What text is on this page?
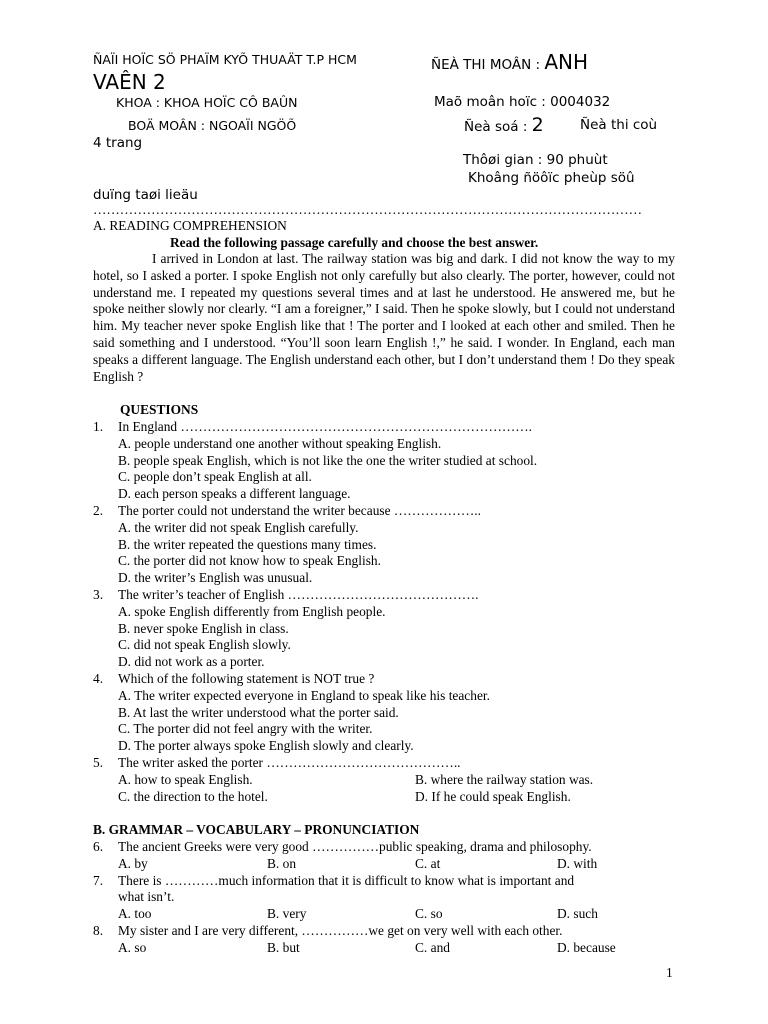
ÑAÏI HOÏC SÖ PHAÏM KYÕ THUAÄT T.P HCM	ÑEÀ THI MOÂN : ANH
VAÊN 2
KHOA : KHOA HOÏC CÔ BAÛN	Maõ moân hoïc : 0004032
BOÄ MOÂN : NGOAÏI NGÖÕ	Ñeà soá : 2	Ñeà thi coù
4 trang
Thôøi gian : 90 phuùt
Khoâng ñöôïc pheùp söû
duïng taøi lieäu
……………………………………………………………………………………………………………
A. READING COMPREHENSION
Read the following passage carefully and choose the best answer.
I arrived in London at last. The railway station was big and dark. I did not know the way to my hotel, so I asked a porter. I spoke English not only carefully but also clearly. The porter, however, could not understand me. I repeated my questions several times and at last he understood. He answered me, but he spoke neither slowly nor clearly. “I am a foreigner,” I said. Then he spoke slowly, but I could not understand him. My teacher never spoke English like that ! The porter and I looked at each other and smiled. Then he said something and I understood. “You’ll soon learn English !,” he said. I wonder. In England, each man speaks a different language. The English understand each other, but I don’t understand them ! Do they speak English ?
QUESTIONS
1. In England …………………………………………………………………….
A. people understand one another without speaking English.
B. people speak English, which is not like the one the writer studied at school.
C. people don’t speak English at all.
D. each person speaks a different language.
2. The porter could not understand the writer because ………………..
A. the writer did not speak English carefully.
B. the writer repeated the questions many times.
C. the porter did not know how to speak English.
D. the writer’s English was unusual.
3. The writer’s teacher of English …………………………………….
A. spoke English differently from English people.
B. never spoke English in class.
C. did not speak English slowly.
D. did not work as a porter.
4. Which of the following statement is NOT true ?
A. The writer expected everyone in England to speak like his teacher.
B. At last the writer understood what the porter said.
C. The porter did not feel angry with the writer.
D. The porter always spoke English slowly and clearly.
5. The writer asked the porter ……………………………………..
A. how to speak English.	B. where the railway station was.
C. the direction to the hotel.	D. If he could speak English.
B. GRAMMAR – VOCABULARY – PRONUNCIATION
6. The ancient Greeks were very good ……………public speaking, drama and philosophy.
A. by	B. on	C. at	D. with
7. There is …………much information that it is difficult to know what is important and
what isn’t.
A. too	B. very	C. so	D. such
8. My sister and I are very different, ……………we get on very well with each other.
A. so	B. but	C. and	D. because
1
